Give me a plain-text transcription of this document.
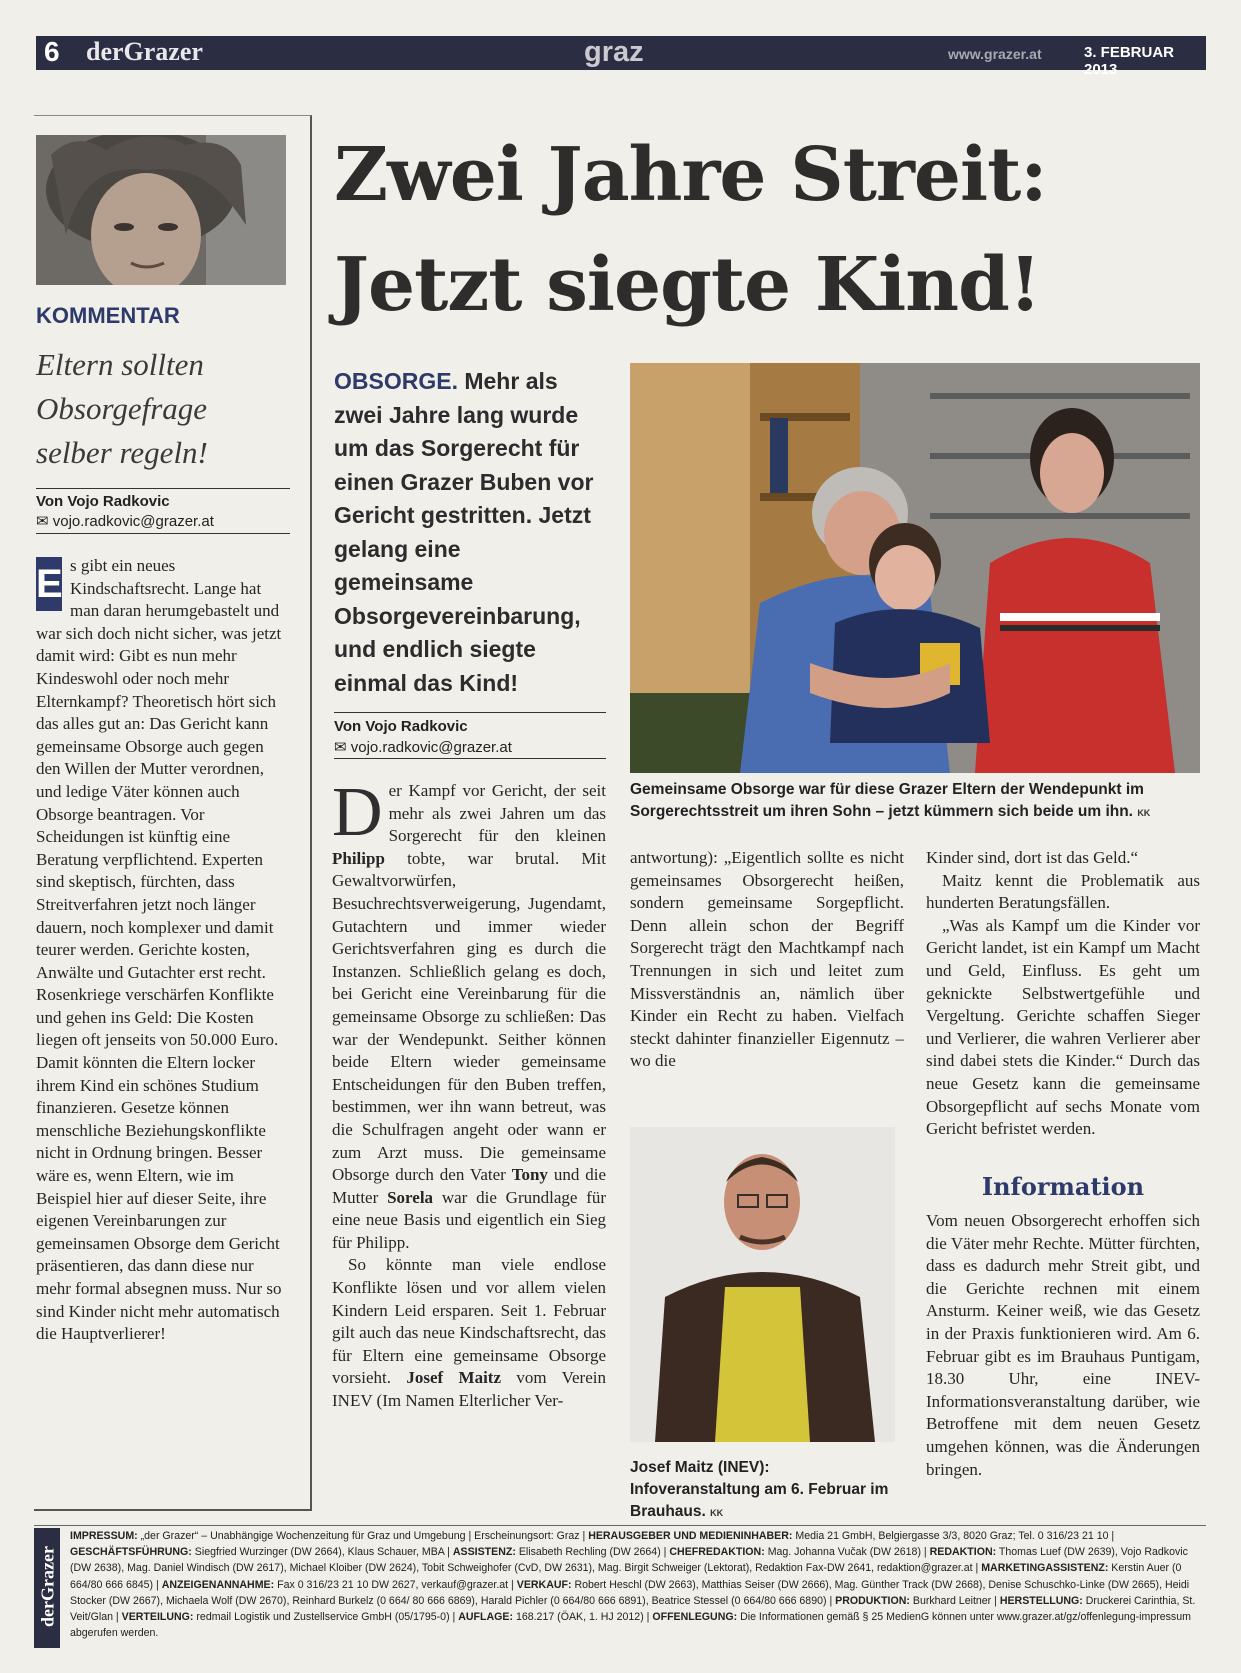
6 derGrazer	graz	www.grazer.at	3. FEBRUAR 2013
KOMMENTAR
Eltern sollten Obsorgefrage selber regeln!
Von Vojo Radkovic
✉ vojo.radkovic@grazer.at
E s gibt ein neues Kindschaftsrecht. Lange hat man daran herumgebastelt und war sich doch nicht sicher, was jetzt damit wird: Gibt es nun mehr Kindeswohl oder noch mehr Elternkampf? Theoretisch hört sich das alles gut an: Das Gericht kann gemeinsame Obsorge auch gegen den Willen der Mutter verordnen, und ledige Väter können auch Obsorge beantragen. Vor Scheidungen ist künftig eine Beratung verpflichtend. Experten sind skeptisch, fürchten, dass Streitverfahren jetzt noch länger dauern, noch komplexer und damit teurer werden. Gerichte kosten, Anwälte und Gutachter erst recht. Rosenkriege verschärfen Konflikte und gehen ins Geld: Die Kosten liegen oft jenseits von 50.000 Euro. Damit könnten die Eltern locker ihrem Kind ein schönes Studium finanzieren. Gesetze können menschliche Beziehungskonflikte nicht in Ordnung bringen. Besser wäre es, wenn Eltern, wie im Beispiel hier auf dieser Seite, ihre eigenen Vereinbarungen zur gemeinsamen Obsorge dem Gericht präsentieren, das dann diese nur mehr formal absegnen muss. Nur so sind Kinder nicht mehr automatisch die Hauptverlierer!
Zwei Jahre Streit:
Jetzt siegte Kind!
OBSORGE. Mehr als zwei Jahre lang wurde um das Sorgerecht für einen Grazer Buben vor Gericht gestritten. Jetzt gelang eine gemeinsame Obsorgevereinbarung, und endlich siegte einmal das Kind!
Von Vojo Radkovic
✉ vojo.radkovic@grazer.at
Gemeinsame Obsorge war für diese Grazer Eltern der Wendepunkt im Sorgerechtsstreit um ihren Sohn – jetzt kümmern sich beide um ihn. KK
Der Kampf vor Gericht, der seit mehr als zwei Jahren um das Sorgerecht für den kleinen Philipp tobte, war brutal. Mit Gewaltvorwürfen, Besuchrechtsverweigerung, Jugendamt, Gutachtern und immer wieder Gerichtsverfahren ging es durch die Instanzen. Schließlich gelang es doch, bei Gericht eine Vereinbarung für die gemeinsame Obsorge zu schließen: Das war der Wendepunkt. Seither können beide Eltern wieder gemeinsame Entscheidungen für den Buben treffen, bestimmen, wer ihn wann betreut, was die Schulfragen angeht oder wann er zum Arzt muss. Die gemeinsame Obsorge durch den Vater Tony und die Mutter Sorela war die Grundlage für eine neue Basis und eigentlich ein Sieg für Philipp.
So könnte man viele endlose Konflikte lösen und vor allem vielen Kindern Leid ersparen. Seit 1. Februar gilt auch das neue Kindschaftsrecht, das für Eltern eine gemeinsame Obsorge vorsieht. Josef Maitz vom Verein INEV (Im Namen Elterlicher Ver-
antwortung): „Eigentlich sollte es nicht gemeinsames Obsorgerecht heißen, sondern gemeinsame Sorgepflicht. Denn allein schon der Begriff Sorgerecht trägt den Machtkampf nach Trennungen in sich und leitet zum Missverständnis an, nämlich über Kinder ein Recht zu haben. Vielfach steckt dahinter finanzieller Eigennutz – wo die
Josef Maitz (INEV): Infoveranstaltung am 6. Februar im Brauhaus. KK
Kinder sind, dort ist das Geld.“
Maitz kennt die Problematik aus hunderten Beratungsfällen.
„Was als Kampf um die Kinder vor Gericht landet, ist ein Kampf um Macht und Geld, Einfluss. Es geht um geknickte Selbstwertgefühle und Vergeltung. Gerichte schaffen Sieger und Verlierer, die wahren Verlierer aber sind dabei stets die Kinder.“ Durch das neue Gesetz kann die gemeinsame Obsorgepflicht auf sechs Monate vom Gericht befristet werden.
Information
Vom neuen Obsorgerecht erhoffen sich die Väter mehr Rechte. Mütter fürchten, dass es dadurch mehr Streit gibt, und die Gerichte rechnen mit einem Ansturm. Keiner weiß, wie das Gesetz in der Praxis funktionieren wird. Am 6. Februar gibt es im Brauhaus Puntigam, 18.30 Uhr, eine INEV-Informationsveranstaltung darüber, wie Betroffene mit dem neuen Gesetz umgehen können, was die Änderungen bringen.
derGrazer
IMPRESSUM: „der Grazer“ – Unabhängige Wochenzeitung für Graz und Umgebung | Erscheinungsort: Graz | HERAUSGEBER UND MEDIENINHABER: Media 21 GmbH, Belgiergasse 3/3, 8020 Graz; Tel. 0 316/23 21 10 | GESCHÄFTSFÜHRUNG: Siegfried Wurzinger (DW 2664), Klaus Schauer, MBA | ASSISTENZ: Elisabeth Rechling (DW 2664) | CHEFREDAKTION: Mag. Johanna Vučak (DW 2618) | REDAKTION: Thomas Luef (DW 2639), Vojo Radkovic (DW 2638), Mag. Daniel Windisch (DW 2617), Michael Kloiber (DW 2624), Tobit Schweighofer (CvD, DW 2631), Mag. Birgit Schweiger (Lektorat), Redaktion Fax-DW 2641, redaktion@grazer.at | MARKETINGASSISTENZ: Kerstin Auer (0 664/80 666 6845) | ANZEIGENANNAHME: Fax 0 316/23 21 10 DW 2627, verkauf@grazer.at | VERKAUF: Robert Heschl (DW 2663), Matthias Seiser (DW 2666), Mag. Günther Track (DW 2668), Denise Schuschko-Linke (DW 2665), Heidi Stocker (DW 2667), Michaela Wolf (DW 2670), Reinhard Burkelz (0 664/ 80 666 6869), Harald Pichler (0 664/80 666 6891), Beatrice Stessel (0 664/80 666 6890) | PRODUKTION: Burkhard Leitner | HERSTELLUNG: Druckerei Carinthia, St. Veit/Glan | VERTEILUNG: redmail Logistik und Zustellservice GmbH (05/1795-0) | AUFLAGE: 168.217 (ÖAK, 1. HJ 2012) | OFFENLEGUNG: Die Informationen gemäß § 25 MedienG können unter www.grazer.at/gz/offenlegung-impressum abgerufen werden.
